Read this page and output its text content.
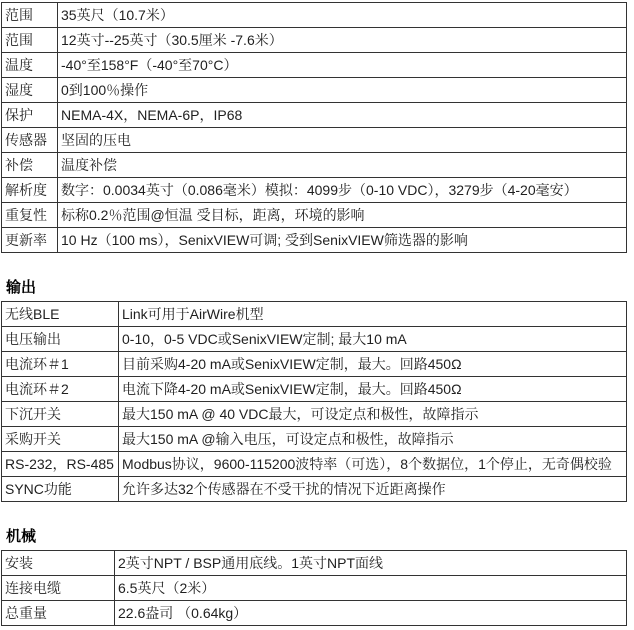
范围	35英尺（10.7米）
范围	12英寸--25英寸（30.5厘米 -7.6米）
温度	-40°至158°F（-40°至70°C）
湿度	0到100％操作
保护	NEMA-4X，NEMA-6P，IP68
传感器	坚固的压电
补偿	温度补偿
解析度	数字：0.0034英寸（0.086毫米）模拟：4099步（0-10 VDC），3279步（4-20毫安）
重复性	标称0.2％范围@恒温 受目标，距离，环境的影响
更新率	10 Hz（100 ms），SenixVIEW可调; 受到SenixVIEW筛选器的影响
输出
无线BLE	Link可用于AirWire机型
电压输出	0-10，0-5 VDC或SenixVIEW定制; 最大10 mA
电流环＃1	目前采购4-20 mA或SenixVIEW定制，最大。回路450Ω
电流环＃2	电流下降4-20 mA或SenixVIEW定制，最大。回路450Ω
下沉开关	最大150 mA @ 40 VDC最大，可设定点和极性，故障指示
采购开关	最大150 mA @输入电压，可设定点和极性，故障指示
RS-232，RS-485	Modbus协议，9600-115200波特率（可选），8个数据位，1个停止，无奇偶校验
SYNC功能	允许多达32个传感器在不受干扰的情况下近距离操作
机械
安装	2英寸NPT / BSP通用底线。1英寸NPT面线
连接电缆	6.5英尺（2米）
总重量	22.6盎司 （0.64kg）
